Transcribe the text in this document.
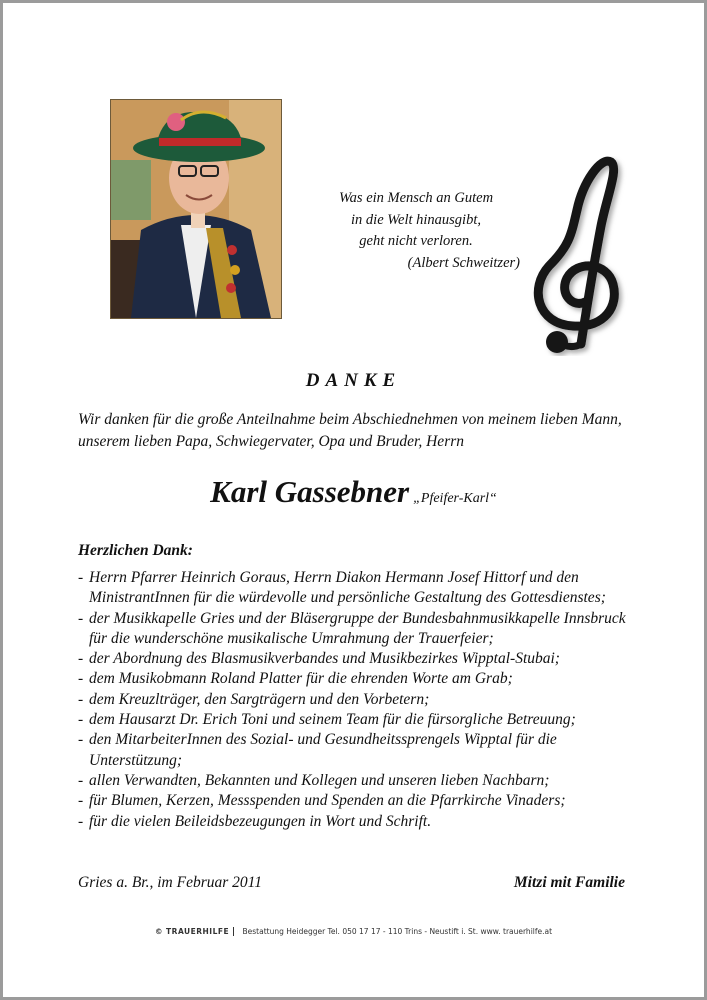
Was ein Mensch an Gutem
in die Welt hinausgibt,
geht nicht verloren.

(Albert Schweitzer)
DANKE
Wir danken für die große Anteilnahme beim Abschiednehmen von meinem lieben Mann, unserem lieben Papa, Schwiegervater, Opa und Bruder, Herrn
Karl Gassebner „Pfeifer-Karl“
Herzlichen Dank:
- Herrn Pfarrer Heinrich Goraus, Herrn Diakon Hermann Josef Hittorf und den MinistrantInnen für die würdevolle und persönliche Gestaltung des Gottesdienstes;
- der Musikkapelle Gries und der Bläsergruppe der Bundesbahnmusikkapelle Innsbruck für die wunderschöne musikalische Umrahmung der Trauerfeier;
- der Abordnung des Blasmusikverbandes und Musikbezirkes Wipptal-Stubai;
- dem Musikobmann Roland Platter für die ehrenden Worte am Grab;
- dem Kreuzlträger, den Sargträgern und den Vorbetern;
- dem Hausarzt Dr. Erich Toni und seinem Team für die fürsorgliche Betreuung;
- den MitarbeiterInnen des Sozial- und Gesundheitssprengels Wipptal für die Unterstützung;
- allen Verwandten, Bekannten und Kollegen und unseren lieben Nachbarn;
- für Blumen, Kerzen, Messspenden und Spenden an die Pfarrkirche Vinaders;
- für die vielen Beileidsbezeugungen in Wort und Schrift.
Gries a. Br., im Februar 2011	Mitzi mit Familie
© TRAUERHILFE Bestattung Heidegger Tel. 050 17 17 - 110 Trins - Neustift i. St. www. trauerhilfe.at
